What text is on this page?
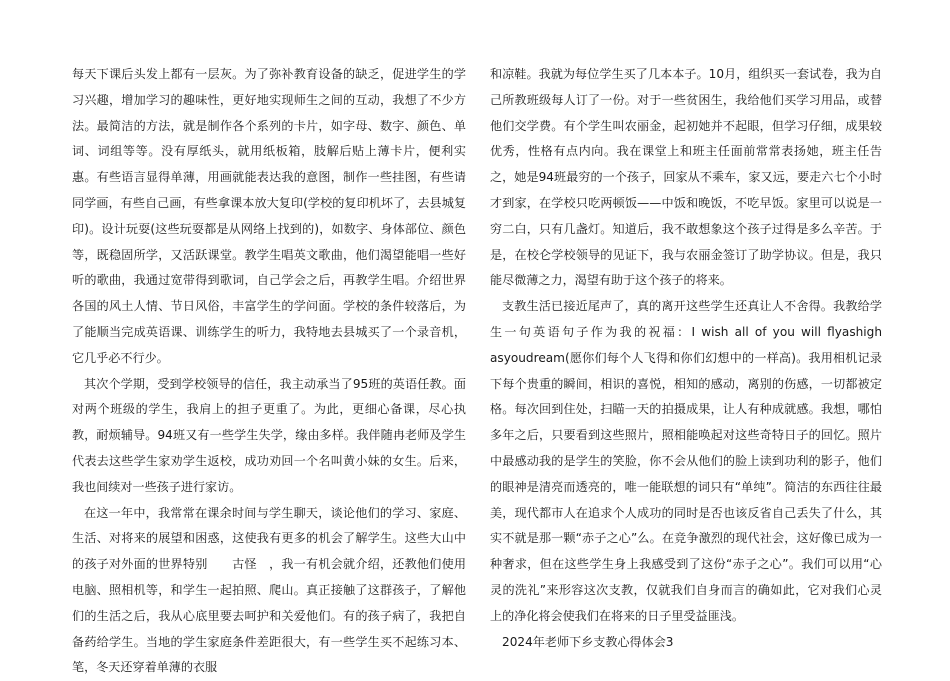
每天下课后头发上都有一层灰。为了弥补教育设备的缺乏，促进学生的学习兴趣，增加学习的趣味性，更好地实现师生之间的互动，我想了不少方法。最简洁的方法，就是制作各个系列的卡片，如字母、数字、颜色、单词、词组等等。没有厚纸头，就用纸板箱，肢解后贴上薄卡片，便利实惠。有些语言显得单薄，用画就能表达我的意图，制作一些挂图，有些请同学画，有些自己画，有些拿课本放大复印(学校的复印机坏了，去县城复印)。设计玩耍(这些玩耍都是从网络上找到的)，如数字、身体部位、颜色等，既稳固所学，又活跃课堂。教学生唱英文歌曲，他们渴望能唱一些好听的歌曲，我通过宽带得到歌词，自己学会之后，再教学生唱。介绍世界各国的风土人情、节日风俗，丰富学生的学问面。学校的条件较落后，为了能顺当完成英语课、训练学生的听力，我特地去县城买了一个录音机，它几乎必不行少。

其次个学期，受到学校领导的信任，我主动承当了95班的英语任教。面对两个班级的学生，我肩上的担子更重了。为此，更细心备课，尽心执教，耐烦辅导。94班又有一些学生失学，缘由多样。我伴随冉老师及学生代表去这些学生家劝学生返校，成功劝回一个名叫黄小妹的女生。后来，我也间续对一些孩子进行家访。

在这一年中，我常常在课余时间与学生聊天，谈论他们的学习、家庭、生活、对将来的展望和困惑，这使我有更多的机会了解学生。这些大山中的孩子对外面的世界特别　　古怪　，我一有机会就介绍，还教他们使用电脑、照相机等，和学生一起拍照、爬山。真正接触了这群孩子，了解他们的生活之后，我从心底里要去呵护和关爱他们。有的孩子病了，我把自备药给学生。当地的学生家庭条件差距很大，有一些学生买不起练习本、笔，冬天还穿着单薄的衣服

和凉鞋。我就为每位学生买了几本本子。10月，组织买一套试卷，我为自己所教班级每人订了一份。对于一些贫困生，我给他们买学习用品，或替他们交学费。有个学生叫农丽金，起初她并不起眼，但学习仔细，成果较优秀，性格有点内向。我在课堂上和班主任面前常常表扬她，班主任告之，她是94班最穷的一个孩子，回家从不乘车，家又远，要走六七个小时才到家，在学校只吃两顿饭——中饭和晚饭，不吃早饭。家里可以说是一穷二白，只有几盏灯。知道后，我不敢想象这个孩子过得是多么辛苦。于是，在校仑学校领导的见证下，我与农丽金签订了助学协议。但是，我只能尽微薄之力，渴望有助于这个孩子的将来。

支教生活已接近尾声了，真的离开这些学生还真让人不舍得。我教给学生一句英语句子作为我的祝福：I wish all of you will flyashigh asyoudream(愿你们每个人飞得和你们幻想中的一样高)。我用相机记录下每个贵重的瞬间，相识的喜悦，相知的感动，离别的伤感，一切都被定格。每次回到住处，扫瞄一天的拍摄成果，让人有种成就感。我想，哪怕多年之后，只要看到这些照片，照相能唤起对这些奇特日子的回忆。照片中最感动我的是学生的笑脸，你不会从他们的脸上读到功利的影子，他们的眼神是清亮而透亮的，唯一能联想的词只有“单纯”。简洁的东西往往最美，现代都市人在追求个人成功的同时是否也该反省自己丢失了什么，其实不就是那一颗“赤子之心”么。在竞争激烈的现代社会，这好像已成为一种奢求，但在这些学生身上我感受到了这份“赤子之心”。我们可以用“心灵的洗礼”来形容这次支教，仅就我们自身而言的确如此，它对我们心灵上的净化将会使我们在将来的日子里受益匪浅。

2024年老师下乡支教心得体会3
